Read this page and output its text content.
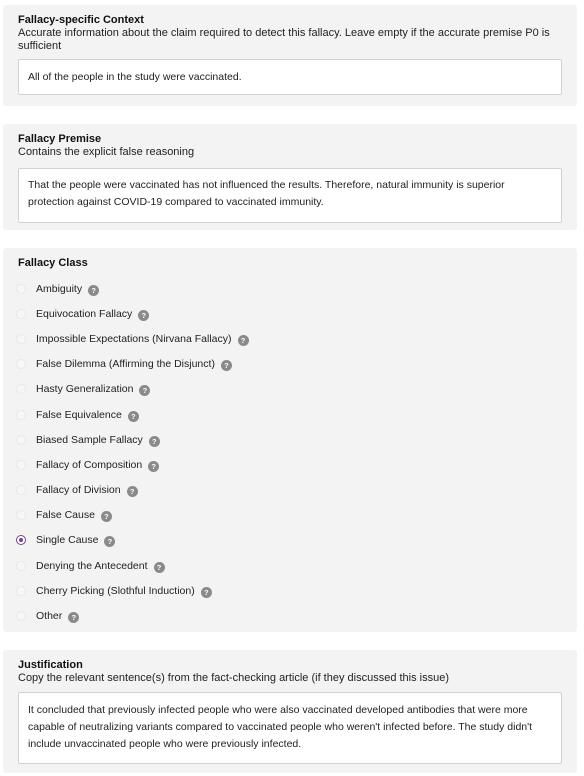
Fallacy-specific Context
Accurate information about the claim required to detect this fallacy. Leave empty if the accurate premise P0 is sufficient
All of the people in the study were vaccinated.
Fallacy Premise
Contains the explicit false reasoning
That the people were vaccinated has not influenced the results. Therefore, natural immunity is superior protection against COVID-19 compared to vaccinated immunity.
Fallacy Class
Ambiguity	?
Equivocation Fallacy	?
Impossible Expectations (Nirvana Fallacy)	?
False Dilemma (Affirming the Disjunct)	?
Hasty Generalization	?
False Equivalence	?
Biased Sample Fallacy	?
Fallacy of Composition	?
Fallacy of Division	?
False Cause	?
Single Cause	?
Denying the Antecedent	?
Cherry Picking (Slothful Induction)	?
Other	?
Justification
Copy the relevant sentence(s) from the fact-checking article (if they discussed this issue)
It concluded that previously infected people who were also vaccinated developed antibodies that were more capable of neutralizing variants compared to vaccinated people who weren't infected before. The study didn't include unvaccinated people who were previously infected.
